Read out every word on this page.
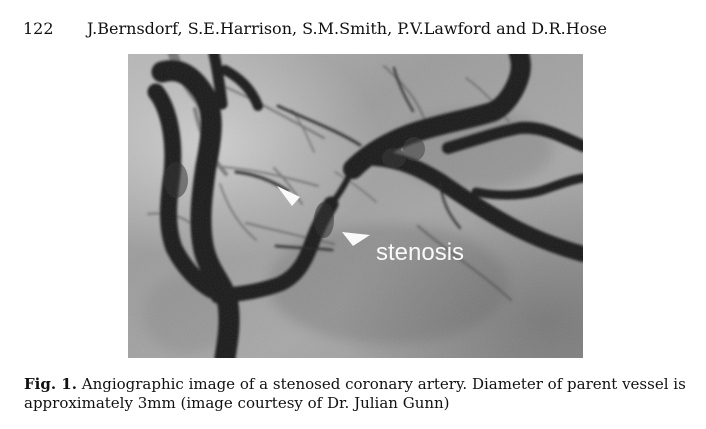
122 J.Bernsdorf, S.E.Harrison, S.M.Smith, P.V.Lawford and D.R.Hose
Fig. 1. Angiographic image of a stenosed coronary artery. Diameter of parent vessel is approximately 3mm (image courtesy of Dr. Julian Gunn)
